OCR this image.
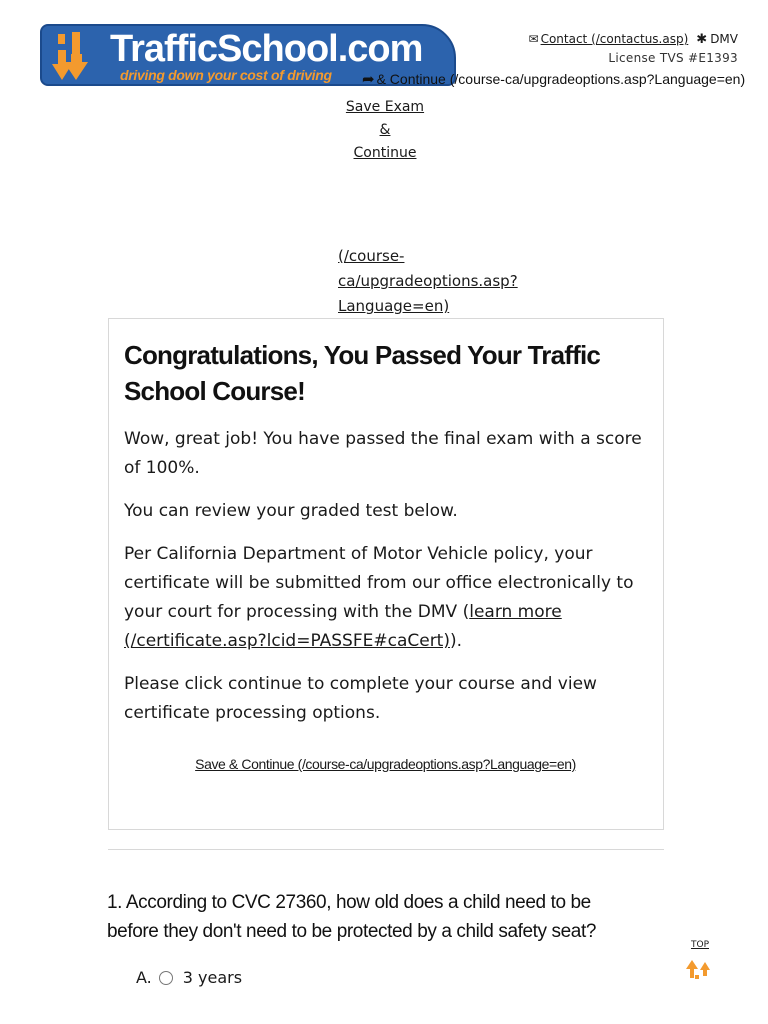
TrafficSchool.com
driving down your cost of driving
®
✉ Contact (/contactus.asp) ✱ DMV
License TVS #E1393
➦ & Continue (/course-ca/upgradeoptions.asp?Language=en)
Save Exam
&
Continue
(/course-
ca/upgradeoptions.asp?
Language=en)
Congratulations, You Passed Your Traffic School Course!

Wow, great job! You have passed the final exam with a score of 100%.

You can review your graded test below.

Per California Department of Motor Vehicle policy, your certificate will be submitted from our office electronically to your court for processing with the DMV (learn more (/certificate.asp?lcid=PASSFE#caCert)).

Please click continue to complete your course and view certificate processing options.

Save & Continue (/course-ca/upgradeoptions.asp?Language=en)

1. According to CVC 27360, how old does a child need to be before they don't need to be protected by a child safety seat?

A. 3 years
TOP
